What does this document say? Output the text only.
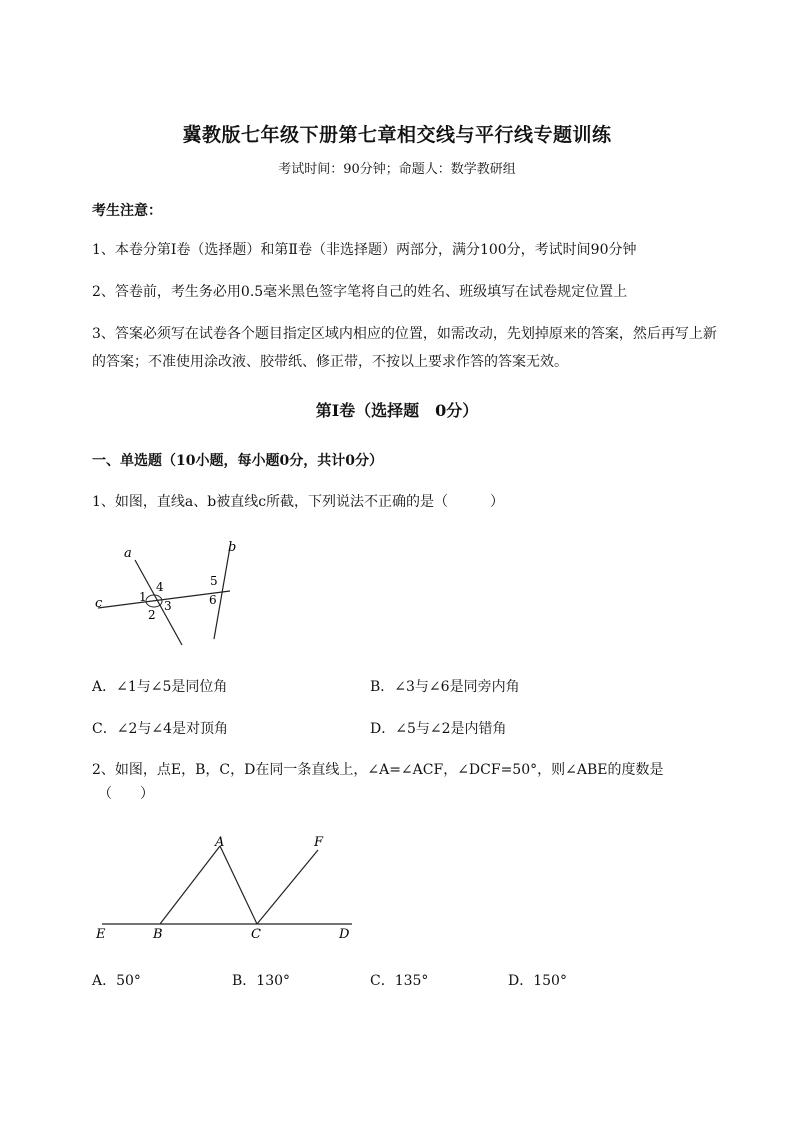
冀教版七年级下册第七章相交线与平行线专题训练
考试时间：90分钟；命题人：数学教研组
考生注意：
1、本卷分第Ⅰ卷（选择题）和第Ⅱ卷（非选择题）两部分，满分100分，考试时间90分钟
2、答卷前，考生务必用0.5毫米黑色签字笔将自己的姓名、班级填写在试卷规定位置上
3、答案必须写在试卷各个题目指定区域内相应的位置，如需改动，先划掉原来的答案，然后再写上新
的答案；不准使用涂改液、胶带纸、修正带，不按以上要求作答的答案无效。
第Ⅰ卷（选择题　0分）
一、单选题（10小题，每小题0分，共计0分）
1、如图，直线a、b被直线c所截，下列说法不正确的是（　　　）
a	b
c	1
2
3
4	5
6
A．∠1与∠5是同位角	B．∠3与∠6是同旁内角
C．∠2与∠4是对顶角	D．∠5与∠2是内错角
2、如图，点E，B，C，D在同一条直线上，∠A=∠ACF，∠DCF=50°，则∠ABE的度数是
（　　）
A	F
E	B	C	D
A．50°	B．130°	C．135°	D．150°
